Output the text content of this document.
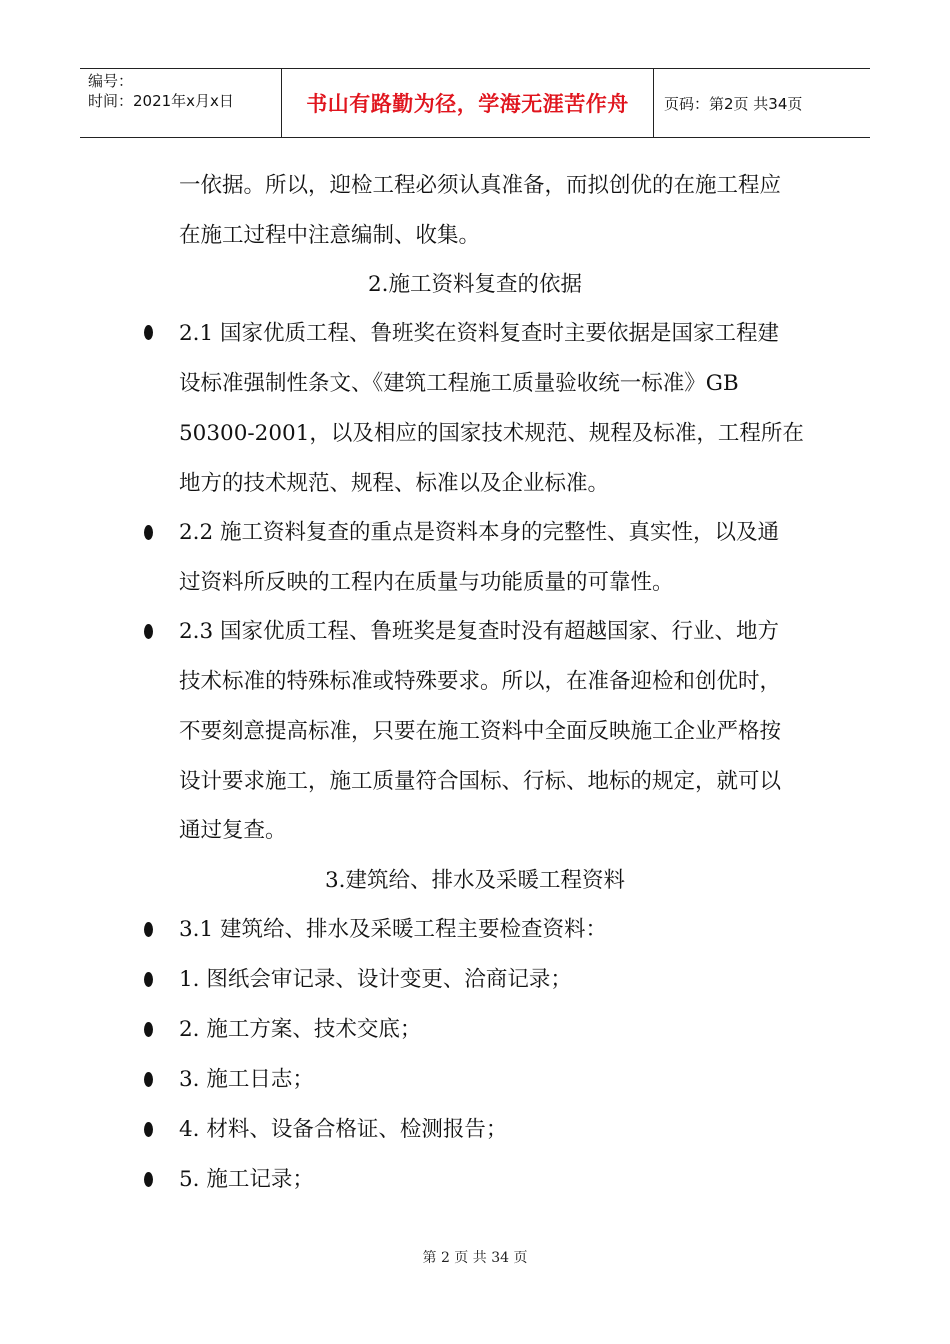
编号：
时间：2021年x月x日	书山有路勤为径，学海无涯苦作舟 页码：第2页 共34页
一依据。所以，迎检工程必须认真准备，而拟创优的在施工程应
在施工过程中注意编制、收集。
2.施工资料复查的依据
2.1 国家优质工程、鲁班奖在资料复查时主要依据是国家工程建
设标准强制性条文、《建筑工程施工质量验收统一标准》GB
50300-2001，以及相应的国家技术规范、规程及标准，工程所在
地方的技术规范、规程、标准以及企业标准。
2.2 施工资料复查的重点是资料本身的完整性、真实性，以及通
过资料所反映的工程内在质量与功能质量的可靠性。
2.3 国家优质工程、鲁班奖是复查时没有超越国家、行业、地方
技术标准的特殊标准或特殊要求。所以，在准备迎检和创优时，
不要刻意提高标准，只要在施工资料中全面反映施工企业严格按
设计要求施工，施工质量符合国标、行标、地标的规定，就可以
通过复查。
3.建筑给、排水及采暖工程资料
3.1 建筑给、排水及采暖工程主要检查资料：
1. 图纸会审记录、设计变更、洽商记录；
2. 施工方案、技术交底；
3. 施工日志；
4. 材料、设备合格证、检测报告；
5. 施工记录；
第 2 页 共 34 页
